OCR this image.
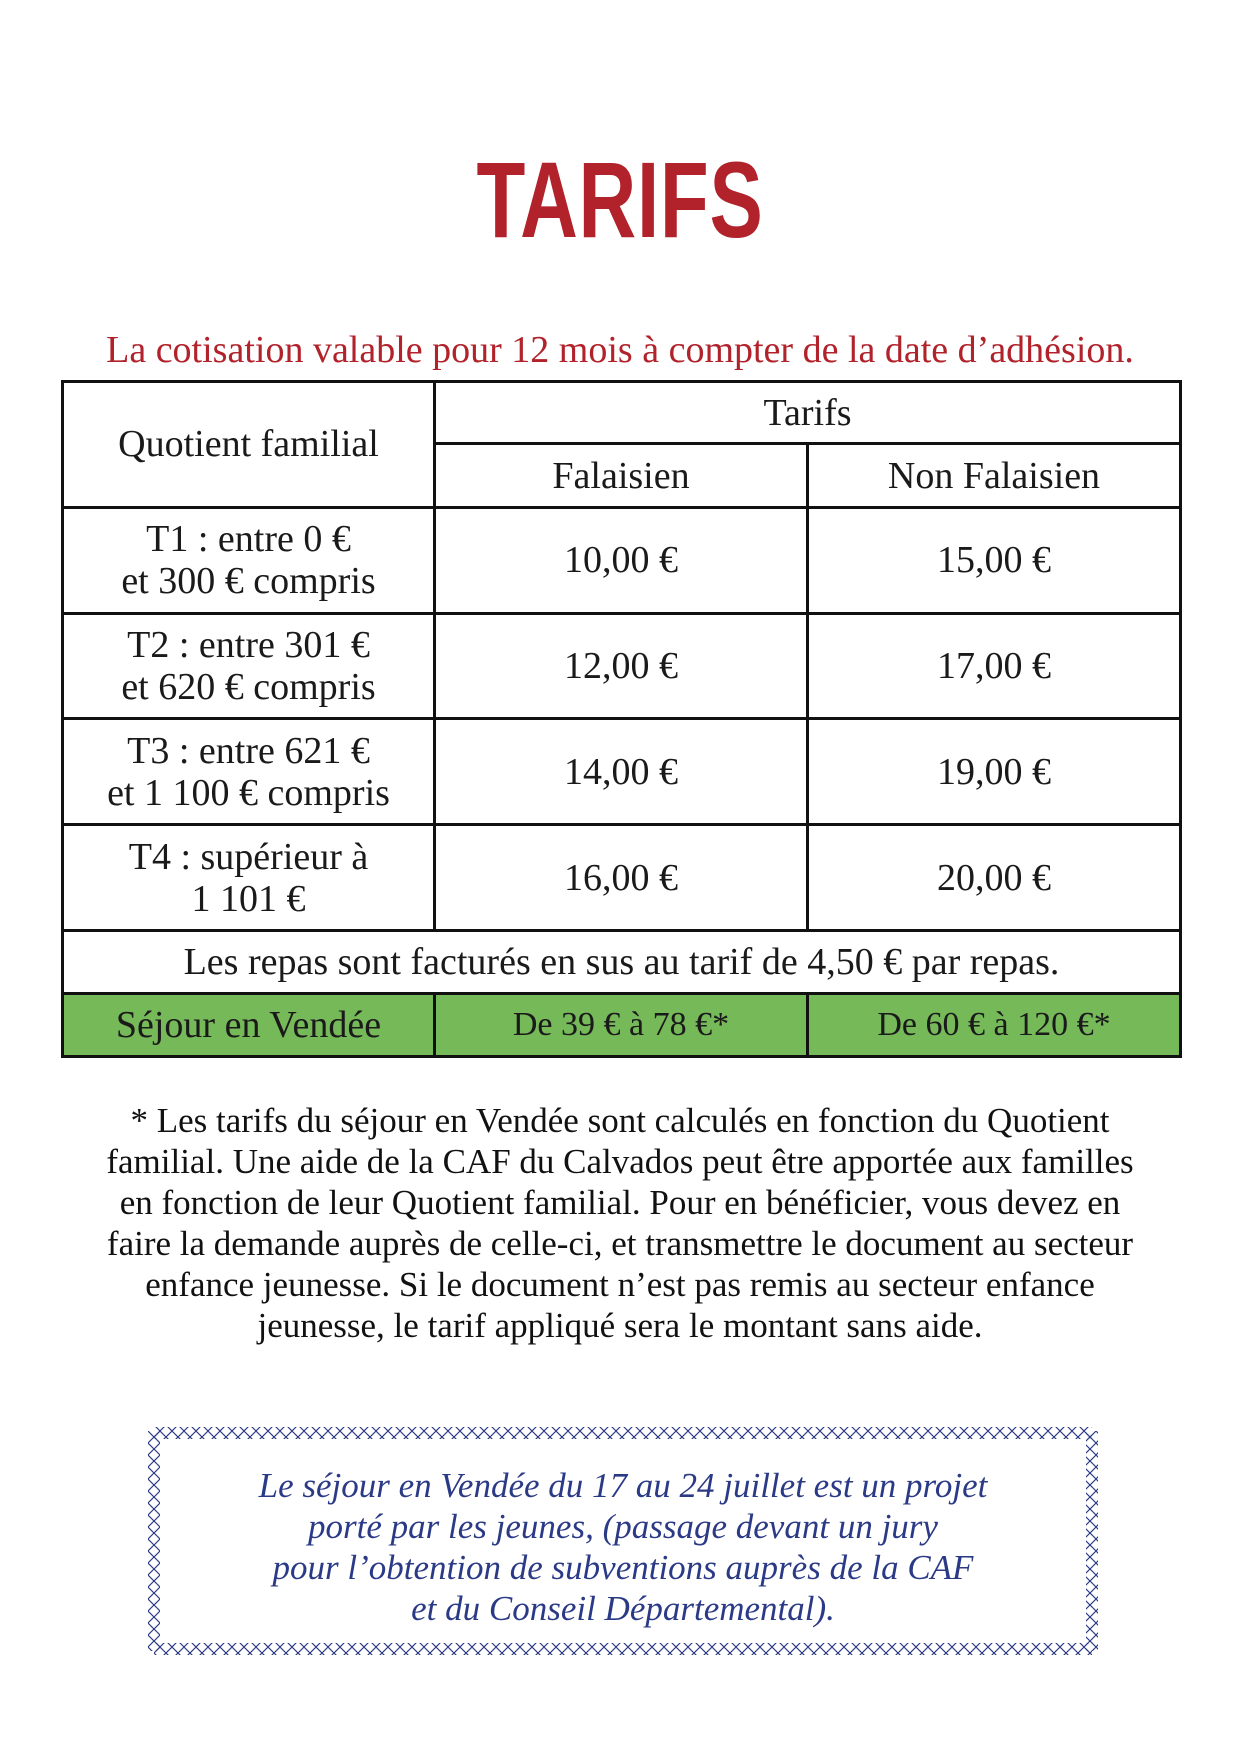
TARIFS
La cotisation valable pour 12 mois à compter de la date d’adhésion.
Quotient familial	Tarifs	
	Falaisien	Non Falaisien

T1 : entre 0 €
et 300 € compris	10,00 €	15,00 €

T2 : entre 301 €
et 620 € compris	12,00 €	17,00 €

T3 : entre 621 €
et 1 100 € compris	14,00 €	19,00 €

T4 : supérieur à
1 101 €	16,00 €	20,00 €
Les repas sont facturés en sus au tarif de 4,50 € par repas.		
Séjour en Vendée	De 39 € à 78 €*	De 60 € à 120 €*

* Les tarifs du séjour en Vendée sont calculés en fonction du Quotient

familial. Une aide de la CAF du Calvados peut être apportée aux familles

en fonction de leur Quotient familial. Pour en bénéficier, vous devez en

faire la demande auprès de celle-ci, et transmettre le document au secteur

enfance jeunesse. Si le document n’est pas remis au secteur enfance

jeunesse, le tarif appliqué sera le montant sans aide.

Le séjour en Vendée du 17 au 24 juillet est un projet

porté par les jeunes, (passage devant un jury

pour l’obtention de subventions auprès de la CAF

et du Conseil Départemental).
